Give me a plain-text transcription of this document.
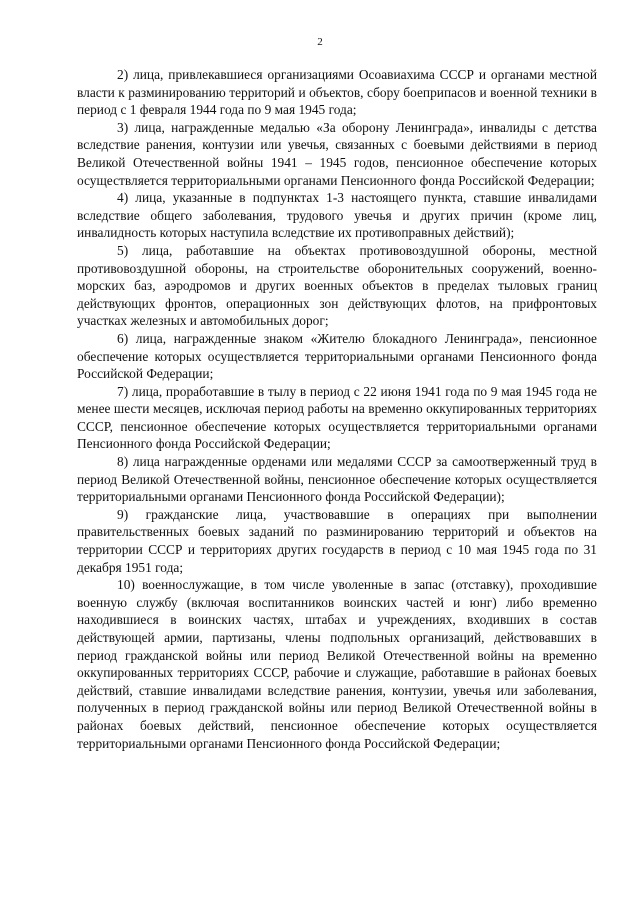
2

2) лица, привлекавшиеся организациями Осоавиахима СССР и органами местной власти к разминированию территорий и объектов, сбору боеприпасов и военной техники в период с 1 февраля 1944 года по 9 мая 1945 года;

3) лица, награжденные медалью «За оборону Ленинграда», инвалиды с детства вследствие ранения, контузии или увечья, связанных с боевыми действиями в период Великой Отечественной войны 1941 – 1945 годов, пенсионное обеспечение которых осуществляется территориальными органами Пенсионного фонда Российской Федерации;

4) лица, указанные в подпунктах 1-3 настоящего пункта, ставшие инвалидами вследствие общего заболевания, трудового увечья и других причин (кроме лиц, инвалидность которых наступила вследствие их противоправных действий);

5) лица, работавшие на объектах противовоздушной обороны, местной противовоздушной обороны, на строительстве оборонительных сооружений, военно-морских баз, аэродромов и других военных объектов в пределах тыловых границ действующих фронтов, операционных зон действующих флотов, на прифронтовых участках железных и автомобильных дорог;

6) лица, награжденные знаком «Жителю блокадного Ленинграда», пенсионное обеспечение которых осуществляется территориальными органами Пенсионного фонда Российской Федерации;

7) лица, проработавшие в тылу в период с 22 июня 1941 года по 9 мая 1945 года не менее шести месяцев, исключая период работы на временно оккупированных территориях СССР, пенсионное обеспечение которых осуществляется территориальными органами Пенсионного фонда Российской Федерации;

8) лица награжденные орденами или медалями СССР за самоотверженный труд в период Великой Отечественной войны, пенсионное обеспечение которых осуществляется территориальными органами Пенсионного фонда Российской Федерации);

9) гражданские лица, участвовавшие в операциях при выполнении правительственных боевых заданий по разминированию территорий и объектов на территории СССР и территориях других государств в период с 10 мая 1945 года по 31 декабря 1951 года;

10) военнослужащие, в том числе уволенные в запас (отставку), проходившие военную службу (включая воспитанников воинских частей и юнг) либо временно находившиеся в воинских частях, штабах и учреждениях, входивших в состав действующей армии, партизаны, члены подпольных организаций, действовавших в период гражданской войны или период Великой Отечественной войны на временно оккупированных территориях СССР, рабочие и служащие, работавшие в районах боевых действий, ставшие инвалидами вследствие ранения, контузии, увечья или заболевания, полученных в период гражданской войны или период Великой Отечественной войны в районах боевых действий, пенсионное обеспечение которых осуществляется территориальными органами Пенсионного фонда Российской Федерации;
